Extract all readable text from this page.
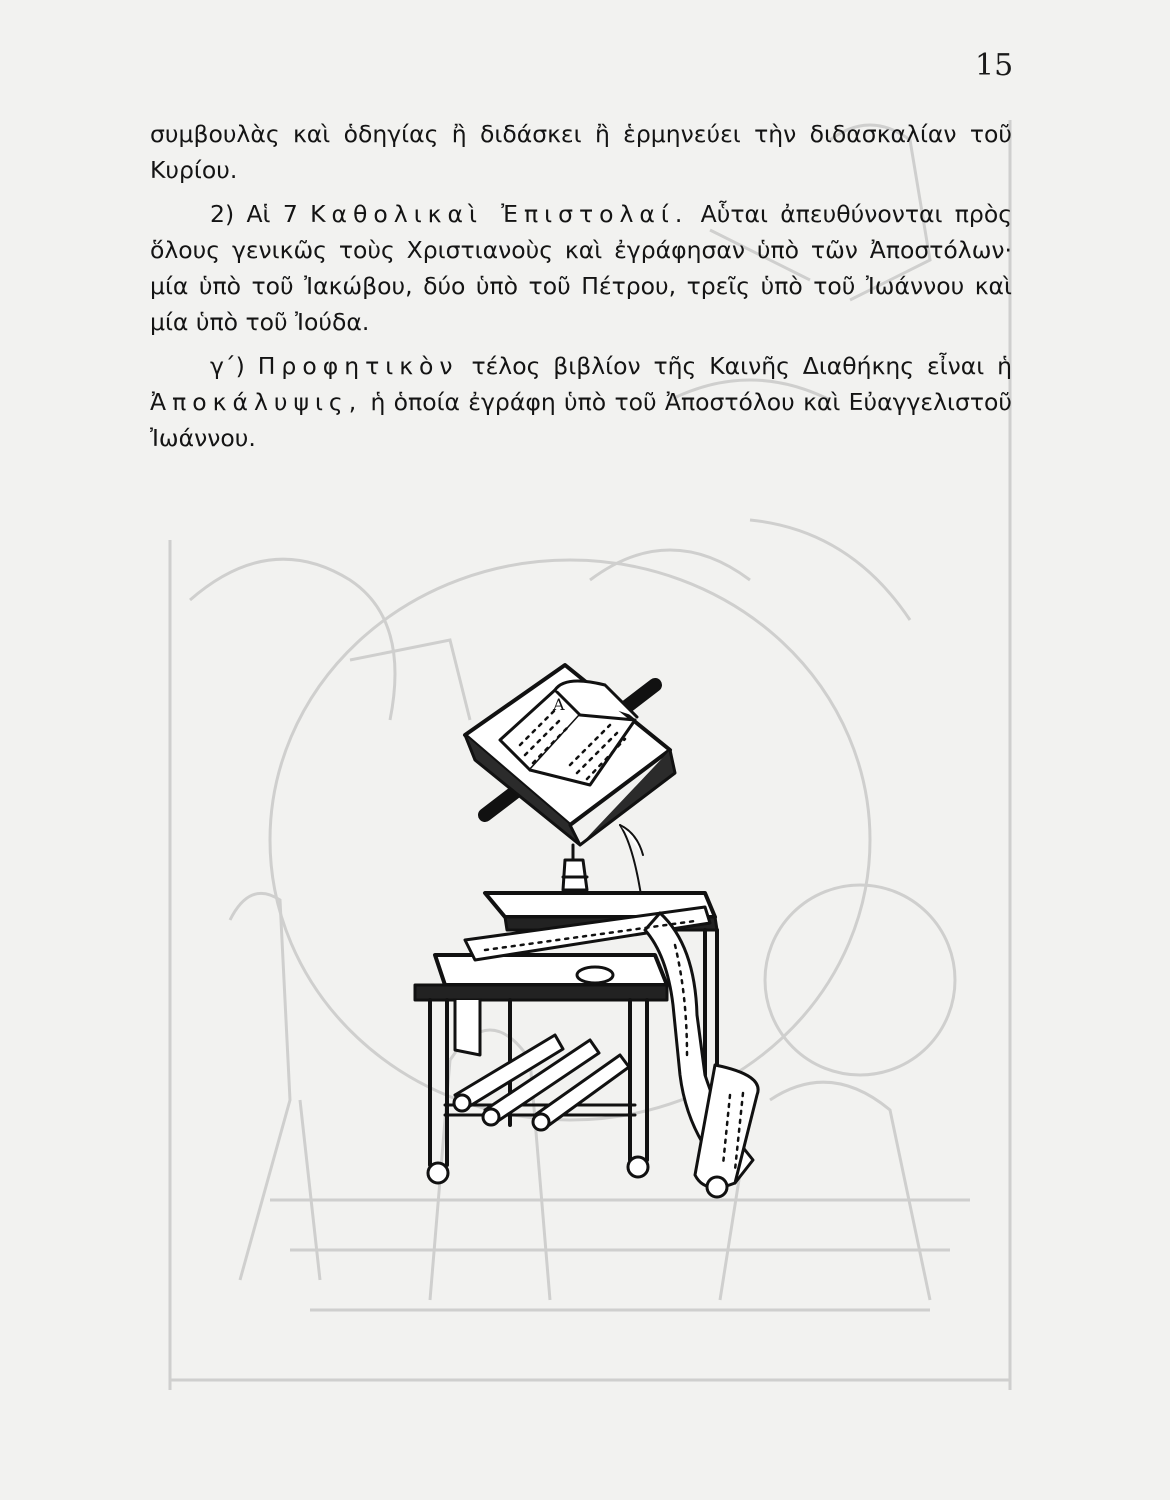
15

συμβουλὰς καὶ ὁδηγίας ἢ διδάσκει ἢ ἑρμηνεύει τὴν διδασκαλίαν τοῦ Κυρίου.

2) Αἱ 7 Καθολικαὶ Ἐπιστολαί. Αὗται ἀπευθύνονται πρὸς ὅλους γενικῶς τοὺς Χριστιανοὺς καὶ ἐγράφησαν ὑπὸ τῶν Ἀποστόλων· μία ὑπὸ τοῦ Ἰακώβου, δύο ὑπὸ τοῦ Πέτρου, τρεῖς ὑπὸ τοῦ Ἰωάννου καὶ μία ὑπὸ τοῦ Ἰούδα.

γ΄) Προφητικὸν τέλος βιβλίον τῆς Καινῆς Διαθήκης εἶναι ἡ Ἀποκάλυψις, ἡ ὁποία ἐγράφη ὑπὸ τοῦ Ἀποστόλου καὶ Εὐαγγελιστοῦ Ἰωάννου.

Α
